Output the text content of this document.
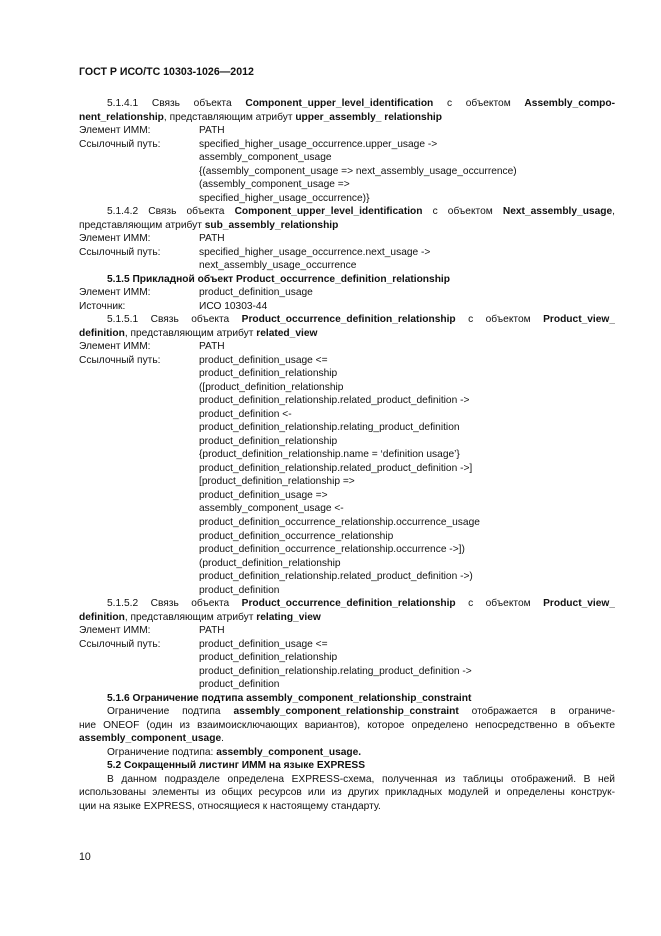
ГОСТ Р ИСО/ТС 10303-1026—2012
5.1.4.1 Связь объекта Component_upper_level_identification с объектом Assembly_compo-
nent_relationship, представляющим атрибут upper_assembly_ relationship
Элемент ИММ:	PATH
Ссылочный путь:	specified_higher_usage_occurrence.upper_usage ->
assembly_component_usage
{(assembly_component_usage => next_assembly_usage_occurrence)
(assembly_component_usage =>
specified_higher_usage_occurrence)}
5.1.4.2 Связь объекта Component_upper_level_identification с объектом Next_assembly_usage,
представляющим атрибут sub_assembly_relationship
Элемент ИММ:	PATH
Ссылочный путь:	specified_higher_usage_occurrence.next_usage ->
next_assembly_usage_occurrence
5.1.5 Прикладной объект Product_occurrence_definition_relationship
Элемент ИММ:	product_definition_usage
Источник:	ИСО 10303-44
5.1.5.1 Связь объекта Product_occurrence_definition_relationship с объектом Product_view_
definition, представляющим атрибут related_view
Элемент ИММ:	PATH
Ссылочный путь:	product_definition_usage <=
product_definition_relationship
([product_definition_relationship
product_definition_relationship.related_product_definition ->
product_definition <-
product_definition_relationship.relating_product_definition
product_definition_relationship
{product_definition_relationship.name = ‘definition usage’}
product_definition_relationship.related_product_definition ->]
[product_definition_relationship =>
product_definition_usage =>
assembly_component_usage <-
product_definition_occurrence_relationship.occurrence_usage
product_definition_occurrence_relationship
product_definition_occurrence_relationship.occurrence ->])
(product_definition_relationship
product_definition_relationship.related_product_definition ->)
product_definition
5.1.5.2 Связь объекта Product_occurrence_definition_relationship с объектом Product_view_
definition, представляющим атрибут relating_view
Элемент ИММ:	PATH
Ссылочный путь:	product_definition_usage <=
product_definition_relationship
product_definition_relationship.relating_product_definition ->
product_definition
5.1.6 Ограничение подтипа assembly_component_relationship_constraint
Ограничение подтипа assembly_component_relationship_constraint отображается в ограниче-
ние ONEOF (один из взаимоисключающих вариантов), которое определено непосредственно в объекте
assembly_component_usage.
Ограничение подтипа: assembly_component_usage.
5.2 Сокращенный листинг ИММ на языке EXPRESS
В данном подразделе определена EXPRESS-схема, полученная из таблицы отображений. В ней
использованы элементы из общих ресурсов или из других прикладных модулей и определены конструк-
ции на языке EXPRESS, относящиеся к настоящему стандарту.
10
